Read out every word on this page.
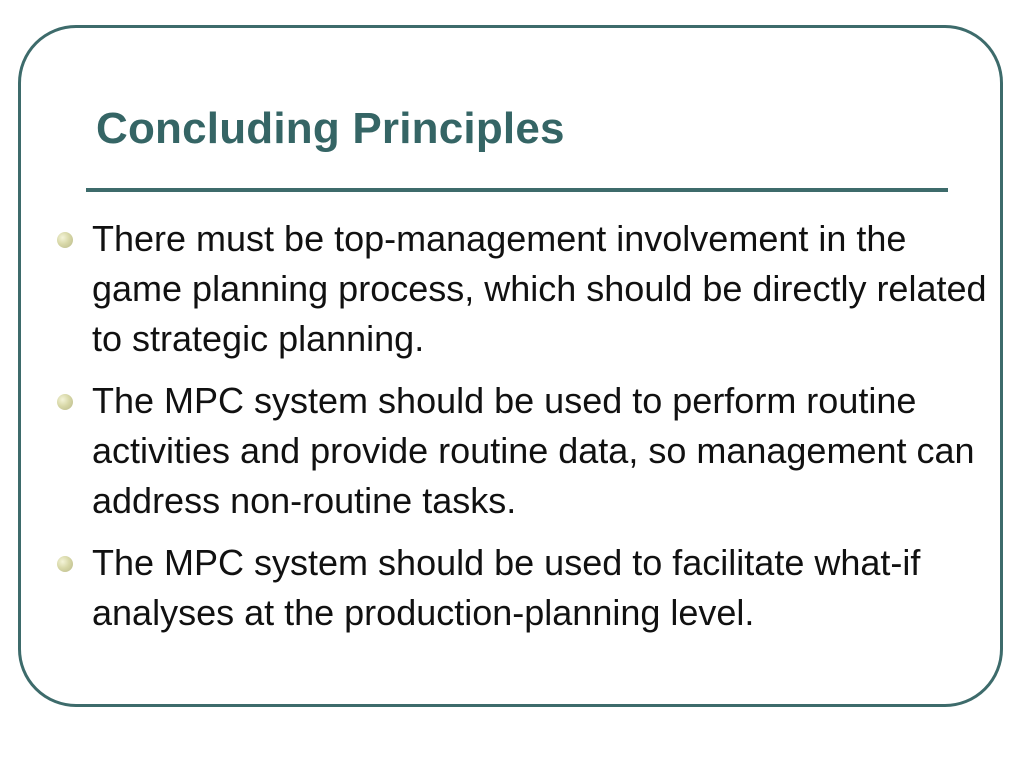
Concluding Principles
There must be top-management involvement in the game planning process, which should be directly related to strategic planning.
The MPC system should be used to perform routine activities and provide routine data, so management can address non-routine tasks.
The MPC system should be used to facilitate what-if analyses at the production-planning level.
